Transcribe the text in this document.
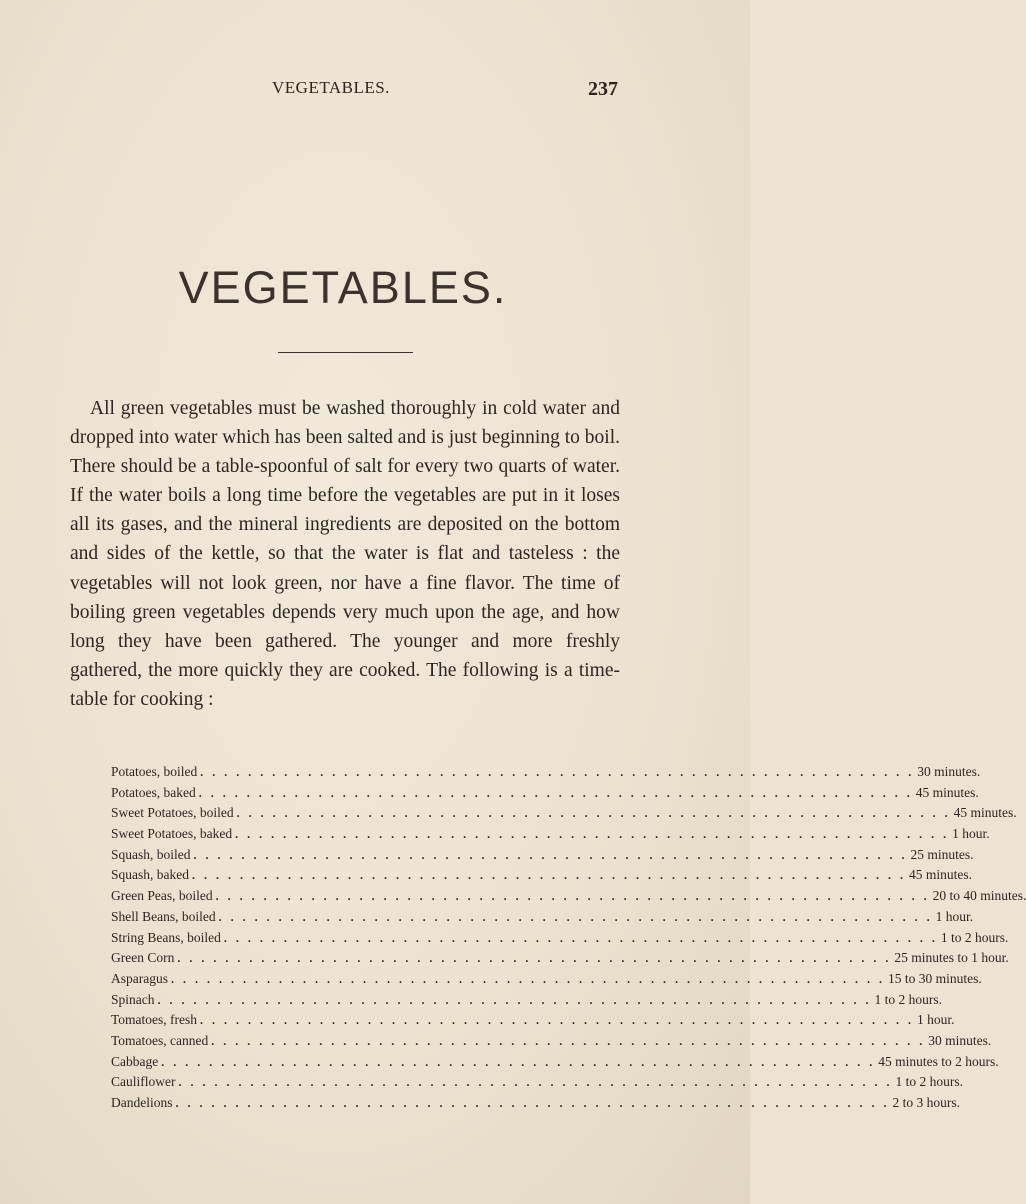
VEGETABLES.	237
VEGETABLES.

All green vegetables must be washed thoroughly in cold water and dropped into water which has been salted and is just beginning to boil. There should be a table-spoonful of salt for every two quarts of water. If the water boils a long time before the vegetables are put in it loses all its gases, and the mineral ingredients are deposited on the bottom and sides of the kettle, so that the water is flat and tasteless : the vegetables will not look green, nor have a fine flavor. The time of boiling green vegetables depends very much upon the age, and how long they have been gathered. The younger and more freshly gathered, the more quickly they are cooked. The following is a time-table for cooking :

Potatoes, boiled . . . . . . . . . . . . . . . . . . . . . . . . . . . . . . . . . . . . . . . . . . . . . . . . . . . . . . . . . . . . 30 minutes.
Potatoes, baked . . . . . . . . . . . . . . . . . . . . . . . . . . . . . . . . . . . . . . . . . . . . . . . . . . . . . . . . . . . . 45 minutes.
Sweet Potatoes, boiled . . . . . . . . . . . . . . . . . . . . . . . . . . . . . . . . . . . . . . . . . . . . . . . . . . . . . . . . . . . . 45 minutes.
Sweet Potatoes, baked . . . . . . . . . . . . . . . . . . . . . . . . . . . . . . . . . . . . . . . . . . . . . . . . . . . . . . . . . . . . 1 hour.
Squash, boiled . . . . . . . . . . . . . . . . . . . . . . . . . . . . . . . . . . . . . . . . . . . . . . . . . . . . . . . . . . . . 25 minutes.
Squash, baked . . . . . . . . . . . . . . . . . . . . . . . . . . . . . . . . . . . . . . . . . . . . . . . . . . . . . . . . . . . . 45 minutes.
Green Peas, boiled . . . . . . . . . . . . . . . . . . . . . . . . . . . . . . . . . . . . . . . . . . . . . . . . . . . . . . . . . . . . 20 to 40 minutes.
Shell Beans, boiled . . . . . . . . . . . . . . . . . . . . . . . . . . . . . . . . . . . . . . . . . . . . . . . . . . . . . . . . . . . . 1 hour.
String Beans, boiled . . . . . . . . . . . . . . . . . . . . . . . . . . . . . . . . . . . . . . . . . . . . . . . . . . . . . . . . . . . . 1 to 2 hours.
Green Corn . . . . . . . . . . . . . . . . . . . . . . . . . . . . . . . . . . . . . . . . . . . . . . . . . . . . . . . . . . . . 25 minutes to 1 hour.
Asparagus . . . . . . . . . . . . . . . . . . . . . . . . . . . . . . . . . . . . . . . . . . . . . . . . . . . . . . . . . . . . 15 to 30 minutes.
Spinach . . . . . . . . . . . . . . . . . . . . . . . . . . . . . . . . . . . . . . . . . . . . . . . . . . . . . . . . . . . . 1 to 2 hours.
Tomatoes, fresh . . . . . . . . . . . . . . . . . . . . . . . . . . . . . . . . . . . . . . . . . . . . . . . . . . . . . . . . . . . . 1 hour.
Tomatoes, canned . . . . . . . . . . . . . . . . . . . . . . . . . . . . . . . . . . . . . . . . . . . . . . . . . . . . . . . . . . . . 30 minutes.
Cabbage . . . . . . . . . . . . . . . . . . . . . . . . . . . . . . . . . . . . . . . . . . . . . . . . . . . . . . . . . . . . 45 minutes to 2 hours.
Cauliflower . . . . . . . . . . . . . . . . . . . . . . . . . . . . . . . . . . . . . . . . . . . . . . . . . . . . . . . . . . . . 1 to 2 hours.
Dandelions . . . . . . . . . . . . . . . . . . . . . . . . . . . . . . . . . . . . . . . . . . . . . . . . . . . . . . . . . . . . 2 to 3 hours.
